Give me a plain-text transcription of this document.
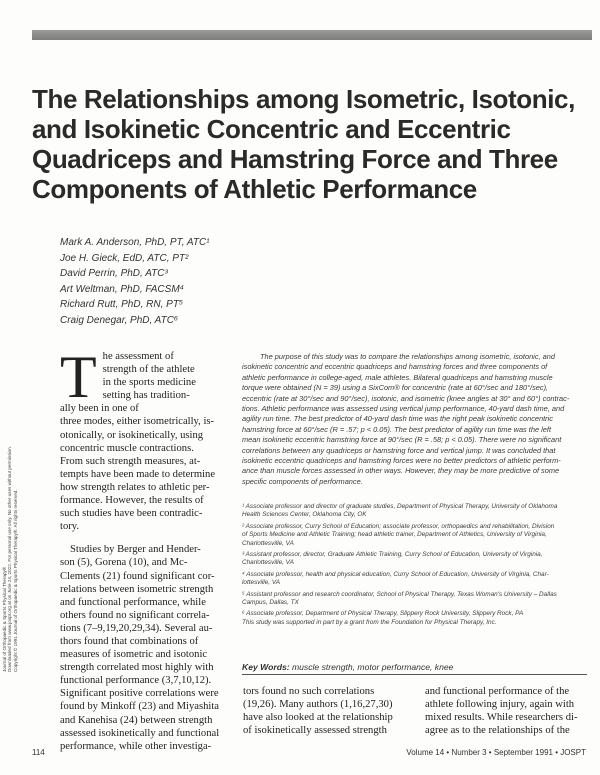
The Relationships among Isometric, Isotonic,
and Isokinetic Concentric and Eccentric
Quadriceps and Hamstring Force and Three
Components of Athletic Performance
Mark A. Anderson, PhD, PT, ATC¹
Joe H. Gieck, EdD, ATC, PT²
David Perrin, PhD, ATC³
Art Weltman, PhD, FACSM⁴
Richard Rutt, PhD, RN, PT⁵
Craig Denegar, PhD, ATC⁶
Journal of Orthopaedic & Sports Physical Therapy® Downloaded from www.jospt.org at on June 24, 2022. For personal use only. No other uses without permission. Copyright © 1991 Journal of Orthopaedic & Sports Physical Therapy®. All rights reserved.

T he assessment of
strength of the athlete
in the sports medicine
setting has tradition-
ally been in one of
three modes, either isometrically, is-
otonically, or isokinetically, using
concentric muscle contractions.
From such strength measures, at-
tempts have been made to determine
how strength relates to athletic per-
formance. However, the results of
such studies have been contradic-
tory.

Studies by Berger and Hender-
son (5), Gorena (10), and Mc-
Clements (21) found significant cor-
relations between isometric strength
and functional performance, while
others found no significant correla-
tions (7–9,19,20,29,34). Several au-
thors found that combinations of
measures of isometric and isotonic
strength correlated most highly with
functional performance (3,7,10,12).
Significant positive correlations were
found by Minkoff (23) and Miyashita
and Kanehisa (24) between strength
assessed isokinetically and functional
performance, while other investiga-

The purpose of this study was to compare the relationships among isometric, isotonic, and
isokinetic concentric and eccentric quadriceps and hamstring forces and three components of
athletic performance in college-aged, male athletes. Bilateral quadriceps and hamstring muscle
torque were obtained (N = 39) using a SixCom® for concentric (rate at 60°/sec and 180°/sec),
eccentric (rate at 30°/sec and 90°/sec), isotonic, and isometric (knee angles at 30° and 60°) contrac-
tions. Athletic performance was assessed using vertical jump performance, 40-yard dash time, and
agility run time. The best predictor of 40-yard dash time was the right peak isokinetic concentric
hamstring force at 60°/sec (R = .57; p < 0.05). The best predictor of agility run time was the left
mean isokinetic eccentric hamstring force at 90°/sec (R = .58; p < 0.05). There were no significant
correlations between any quadriceps or hamstring force and vertical jump. It was concluded that
isokinetic eccentric quadriceps and hamstring forces were no better predictors of athletic perform-
ance than muscle forces assessed in other ways. However, they may be more predictive of some
specific components of performance.

¹ Associate professor and director of graduate studies, Department of Physical Therapy, University of Oklahoma
Health Sciences Center, Oklahoma City, OK
² Associate professor, Curry School of Education; associate professor, orthopaedics and rehabilitation, Division
of Sports Medicine and Athletic Training; head athletic trainer, Department of Athletics, University of Virginia,
Charlottesville, VA
³ Assistant professor, director, Graduate Athletic Training, Curry School of Education, University of Virginia,
Charlottesville, VA
⁴ Associate professor, health and physical education, Curry School of Education, University of Virginia, Char-
lottesville, VA
⁵ Assistant professor and research coordinator, School of Physical Therapy, Texas Woman's University – Dallas
Campus, Dallas, TX
⁶ Associate professor, Department of Physical Therapy, Slippery Rock University, Slippery Rock, PA
This study was supported in part by a grant from the Foundation for Physical Therapy, Inc.
Key Words: muscle strength, motor performance, knee
tors found no such correlations
(19,26). Many authors (1,16,27,30)
have also looked at the relationship
of isokinetically assessed strength
and functional performance of the
athlete following injury, again with
mixed results. While researchers di-
agree as to the relationships of the
114	Volume 14 • Number 3 • September 1991 • JOSPT
